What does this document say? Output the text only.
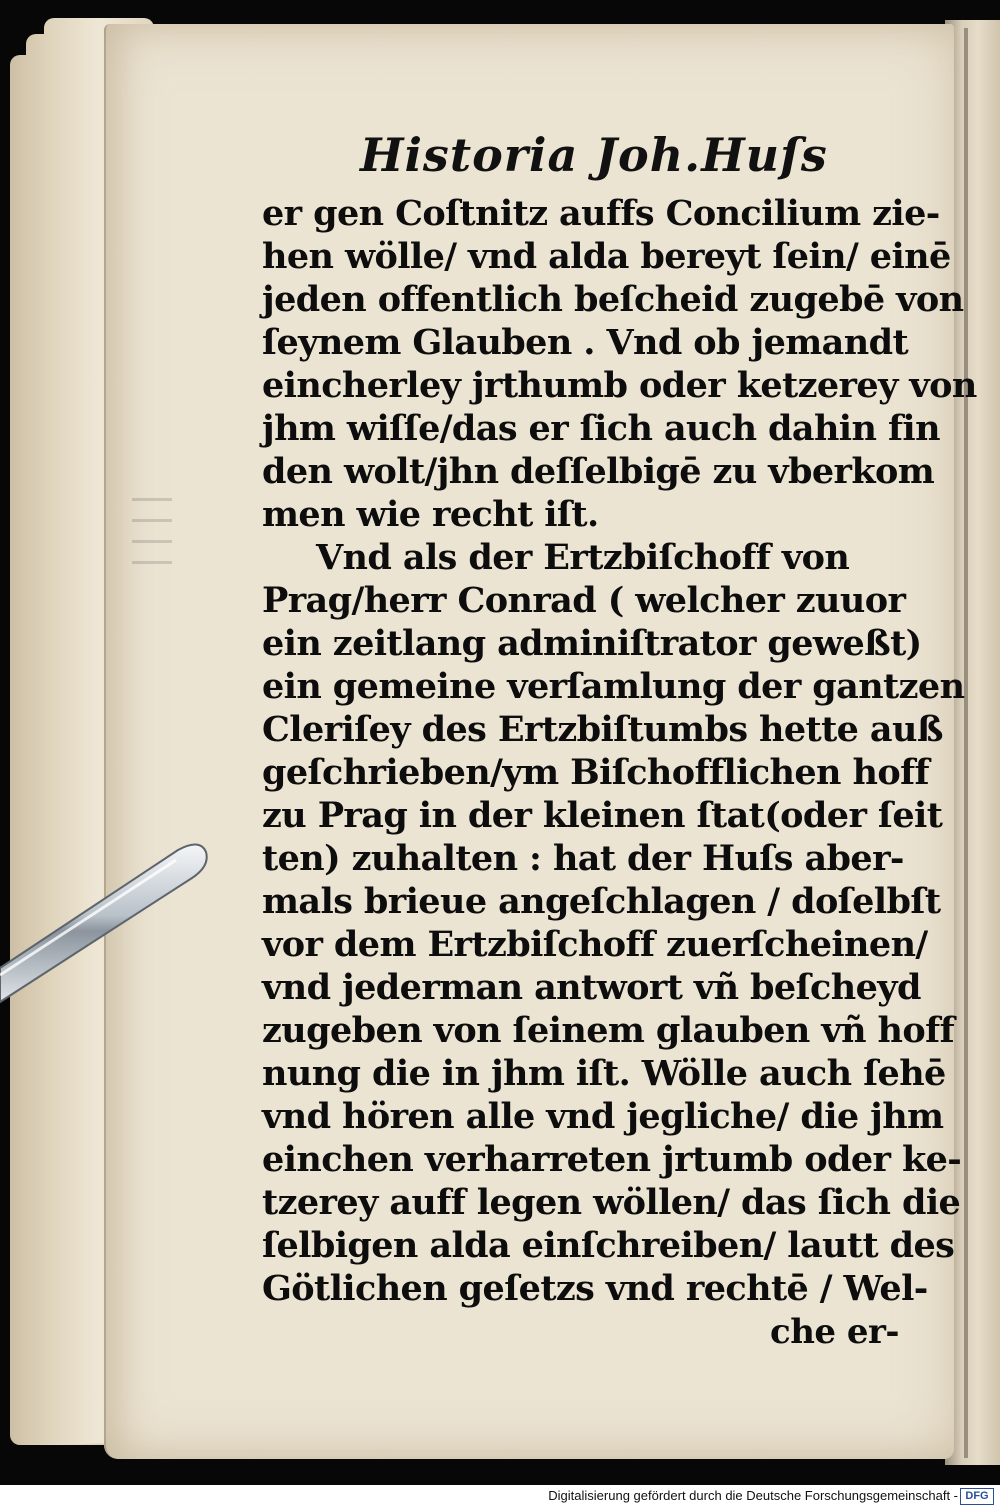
Historia Joh.Huſs
er gen Coſtnitz auffs Concilium zie-
hen wölle/ vnd alda bereyt ſein/ einē
jeden offentlich beſcheid zugebē von
ſeynem Glauben . Vnd ob jemandt
eincherley jrthumb oder ketzerey von
jhm wiſſe/das er ſich auch dahin fin
den wolt/jhn deſſelbigē zu vberkom
men wie recht iſt.
Vnd als der Ertzbiſchoff von
Prag/herr Conrad ( welcher zuuor
ein zeitlang adminiſtrator geweßt)
ein gemeine verſamlung der gantzen
Cleriſey des Ertzbiſtumbs hette auß
geſchrieben/ym Biſchofflichen hoff
zu Prag in der kleinen ſtat(oder ſeit
ten) zuhalten : hat der Huſs aber-
mals brieue angeſchlagen / doſelbſt
vor dem Ertzbiſchoff zuerſcheinen/
vnd jederman antwort vñ beſcheyd
zugeben von ſeinem glauben vñ hoff
nung die in jhm iſt. Wölle auch ſehē
vnd hören alle vnd jegliche/ die jhm
einchen verharreten jrtumb oder ke-
tzerey auff legen wöllen/ das ſich die
ſelbigen alda einſchreiben/ lautt des
Götlichen geſetzs vnd rechtē / Wel-
che er-
Digitalisierung gefördert durch die Deutsche Forschungsgemeinschaft - DFG
